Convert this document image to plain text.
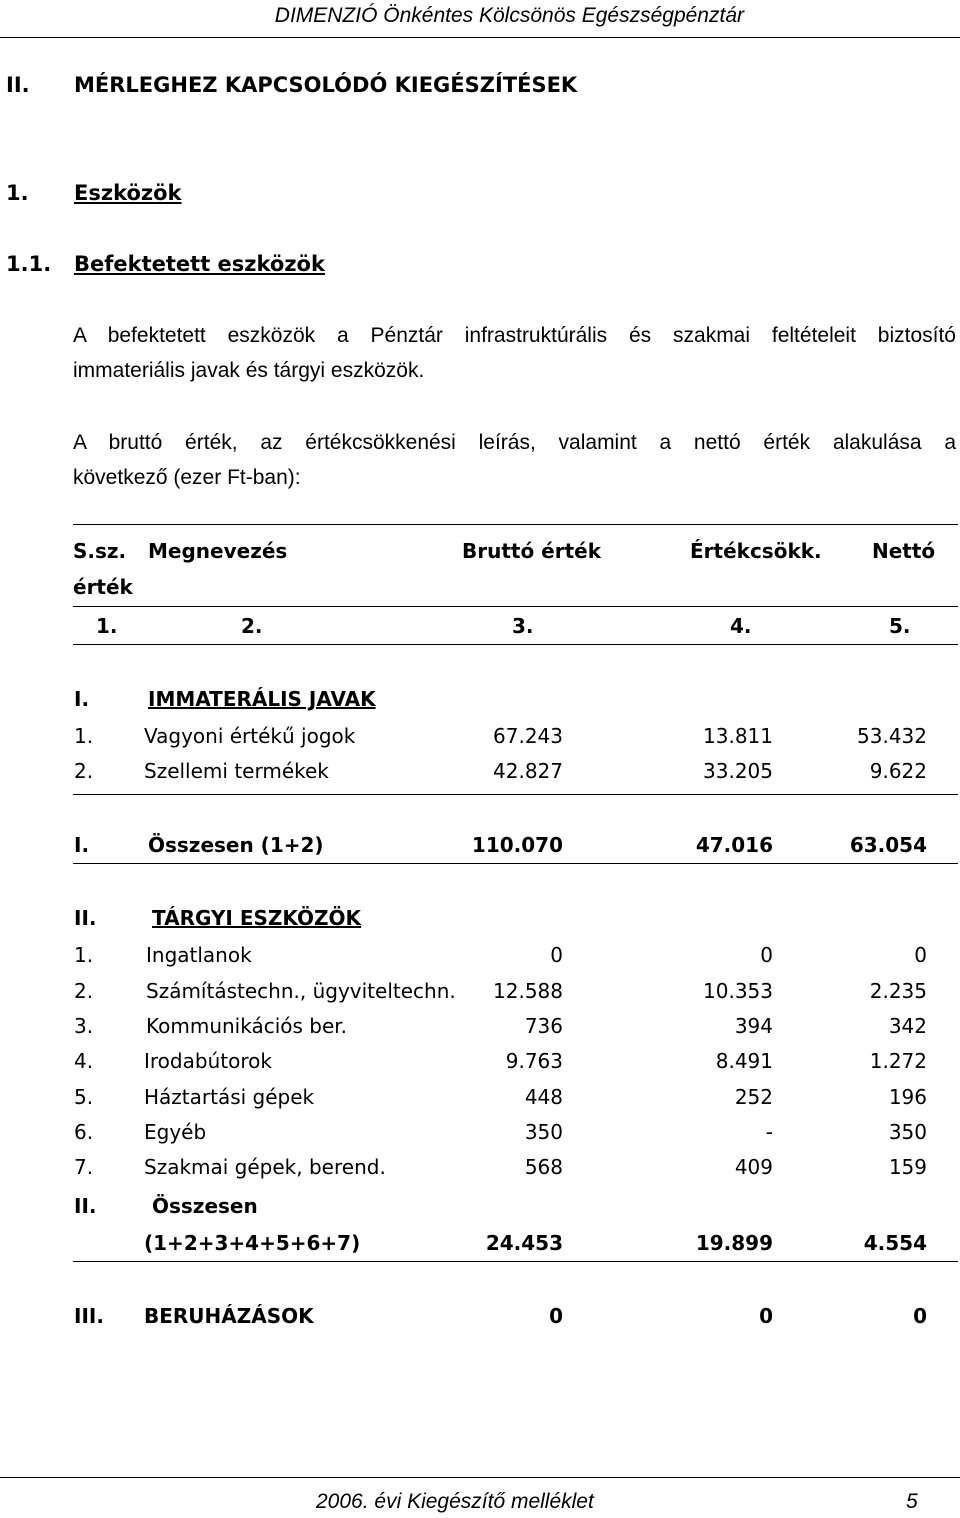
DIMENZIÓ Önkéntes Kölcsönös Egészségpénztár
II. MÉRLEGHEZ KAPCSOLÓDÓ KIEGÉSZÍTÉSEK
1. Eszközök
1.1. Befektetett eszközök
A befektetett eszközök a Pénztár infrastruktúrális és szakmai feltételeit biztosító
immateriális javak és tárgyi eszközök.
A bruttó érték, az értékcsökkenési leírás, valamint a nettó érték alakulása a
következő (ezer Ft-ban):
S.sz. Megnevezés	Bruttó érték	Értékcsökk.	Nettó
érték
1.	2.	3.	4.	5.
I.	IMMATERÁLIS JAVAK
1.	Vagyoni értékű jogok	67.243	13.811	53.432
2.	Szellemi termékek	42.827	33.205	9.622
I.	Összesen (1+2)	110.070	47.016	63.054
II.	TÁRGYI ESZKÖZÖK
1.	Ingatlanok	0	0	0
2.	Számítástechn., ügyviteltechn. 12.588	10.353	2.235
3.	Kommunikációs ber.	736	394	342
4.	Irodabútorok	9.763	8.491	1.272
5.	Háztartási gépek	448	252	196
6.	Egyéb	350	-	350
7.	Szakmai gépek, berend.	568	409	159
II.	Összesen
(1+2+3+4+5+6+7)	24.453	19.899	4.554
III. BERUHÁZÁSOK	0	0	0
2006. évi Kiegészítő melléklet	5
